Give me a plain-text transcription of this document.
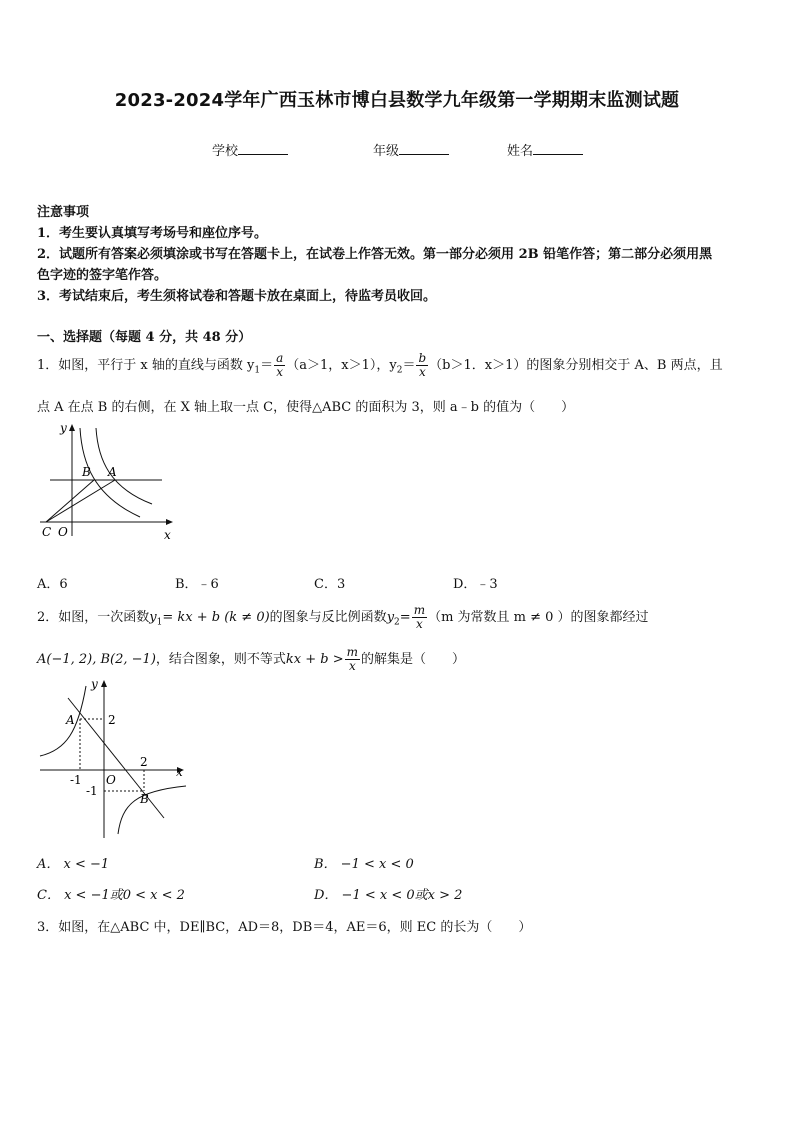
2023-2024学年广西玉林市博白县数学九年级第一学期期末监测试题
学校	年级	姓名
注意事项
1．考生要认真填写考场号和座位序号。
2．试题所有答案必须填涂或书写在答题卡上，在试卷上作答无效。第一部分必须用 2B 铅笔作答；第二部分必须用黑
色字迹的签字笔作答。
3．考试结束后，考生须将试卷和答题卡放在桌面上，待监考员收回。
一、选择题（每题 4 分，共 48 分）
1．如图，平行于 x 轴的直线与函数 $y_1= \frac{a}{x} (a>1$，x＞1），$y_2= \frac{b}{x} (b>1$．x＞1）的图象分别相交于 A、B 两点，且
点 A 在点 B 的右侧，在 X 轴上取一点 C，使得△ABC 的面积为 3，则 a﹣b 的值为（　　）
y
x
C O
B A
A．6	B．﹣6	C．3	D．﹣3
2．如图，一次函数$y_1=$ kx + b (k ≠ 0)的图象与反比例函数$y_2= \frac{m}{x} (m$ 为常数且 m ≠ 0 ）的图象都经过
A(−1, 2), B(2, −1)，结合图象，则不等式kx + $b > \frac{m}{x}$ 的解集是（　　）
y
x
A
B
O
2
-1
2
-1
A． x < −1	B． −1 < x < 0
C． x < −1或0 < x < 2	D． −1 < x < 0或x > 2
3．如图，在△ABC 中，DE∥BC，AD＝8，DB＝4，AE＝6，则 EC 的长为（　　）
